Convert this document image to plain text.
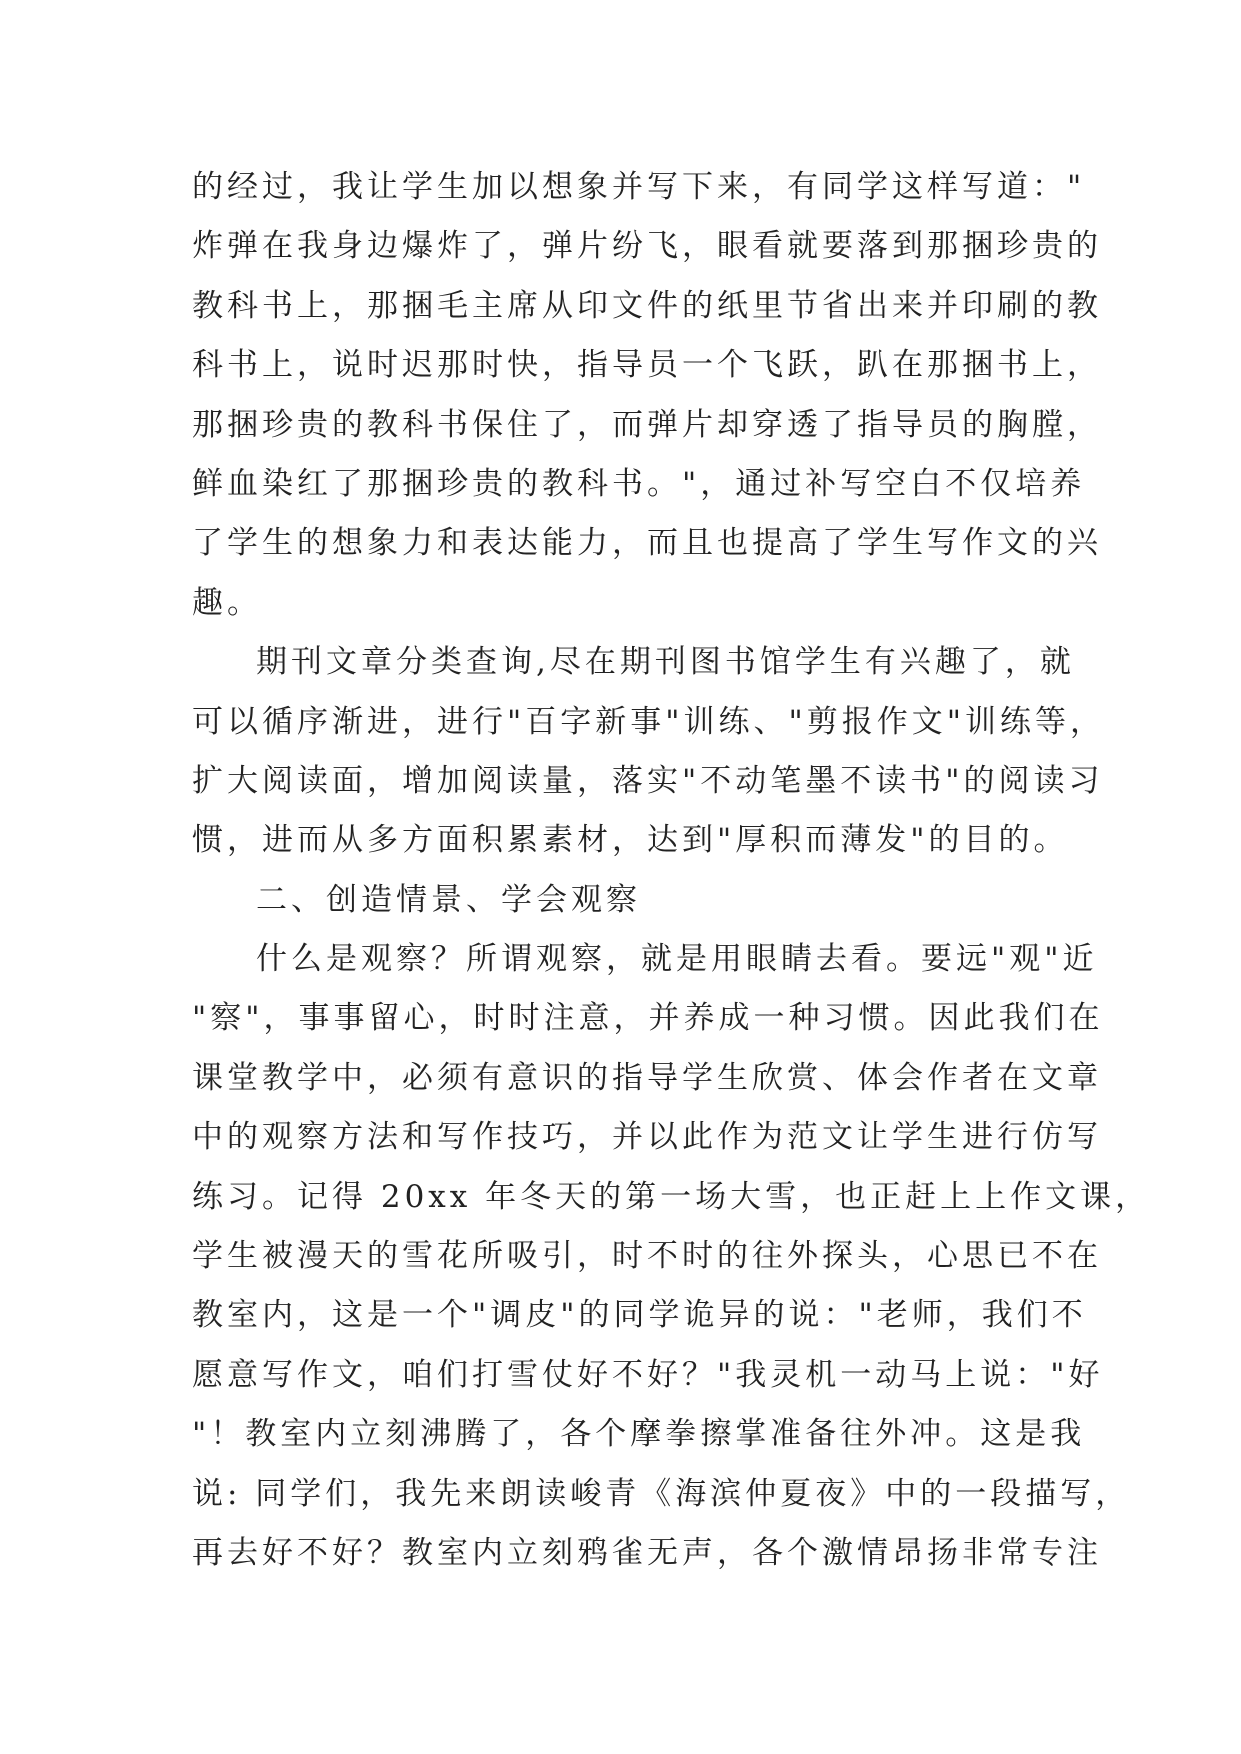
的经过，我让学生加以想象并写下来，有同学这样写道："
炸弹在我身边爆炸了，弹片纷飞，眼看就要落到那捆珍贵的
教科书上，那捆毛主席从印文件的纸里节省出来并印刷的教
科书上，说时迟那时快，指导员一个飞跃，趴在那捆书上，
那捆珍贵的教科书保住了，而弹片却穿透了指导员的胸膛，
鲜血染红了那捆珍贵的教科书。"，通过补写空白不仅培养
了学生的想象力和表达能力，而且也提高了学生写作文的兴
趣。
期刊文章分类查询,尽在期刊图书馆学生有兴趣了，就
可以循序渐进，进行"百字新事"训练、"剪报作文"训练等，
扩大阅读面，增加阅读量，落实"不动笔墨不读书"的阅读习
惯，进而从多方面积累素材，达到"厚积而薄发"的目的。
二、创造情景、学会观察
什么是观察？所谓观察，就是用眼睛去看。要远"观"近
"察"，事事留心，时时注意，并养成一种习惯。因此我们在
课堂教学中，必须有意识的指导学生欣赏、体会作者在文章
中的观察方法和写作技巧，并以此作为范文让学生进行仿写
练习。记得 20xx 年冬天的第一场大雪，也正赶上上作文课，
学生被漫天的雪花所吸引，时不时的往外探头，心思已不在
教室内，这是一个"调皮"的同学诡异的说："老师，我们不
愿意写作文，咱们打雪仗好不好？"我灵机一动马上说："好
"！教室内立刻沸腾了，各个摩拳擦掌准备往外冲。这是我
说: 同学们，我先来朗读峻青《海滨仲夏夜》中的一段描写，
再去好不好？教室内立刻鸦雀无声，各个激情昂扬非常专注
